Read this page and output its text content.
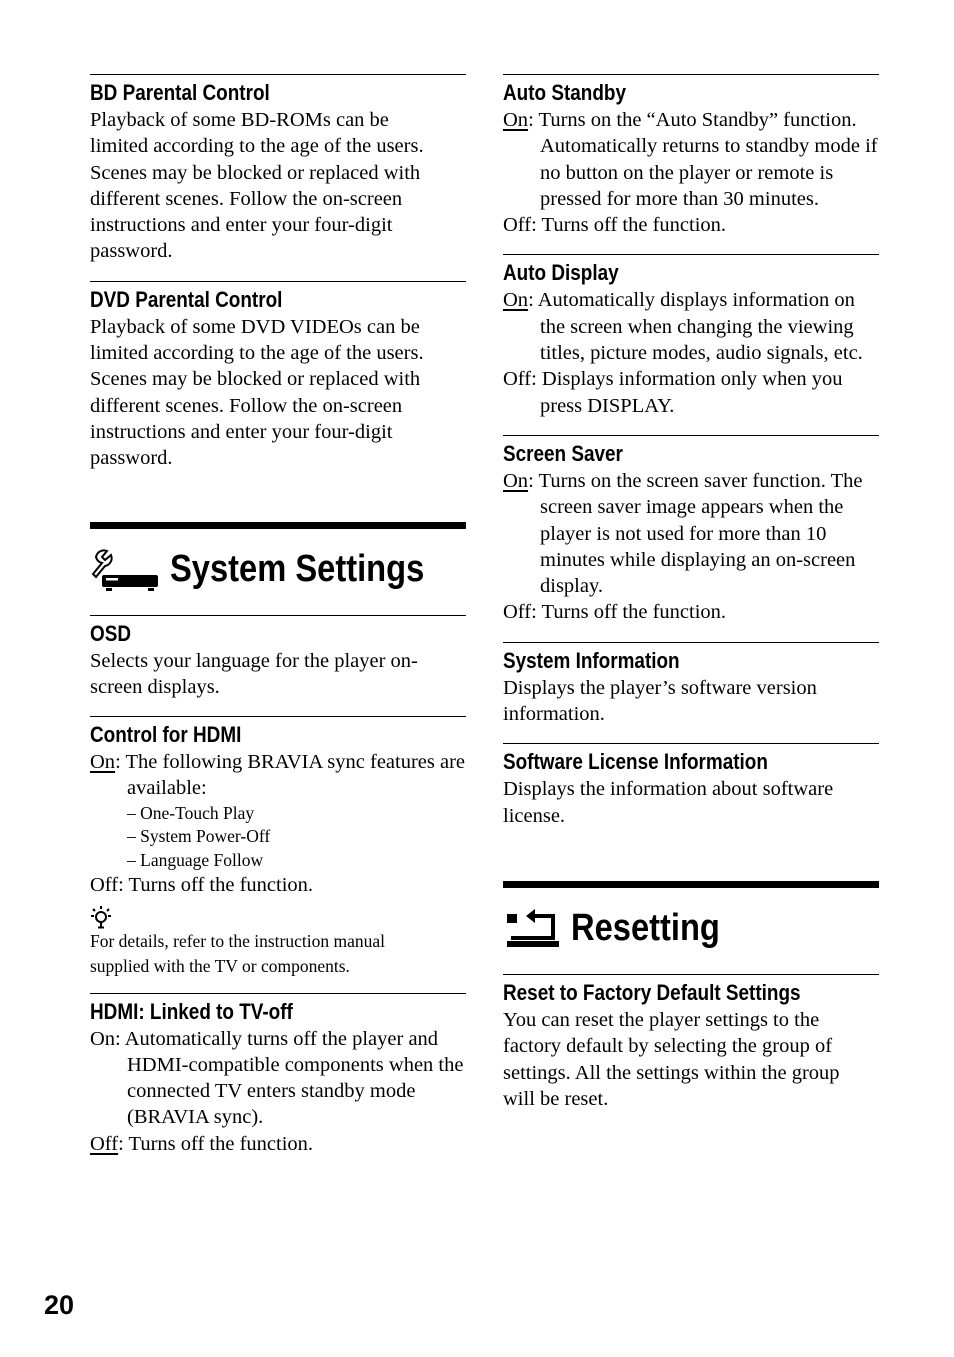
BD Parental Control
Playback of some BD-ROMs can be
limited according to the age of the users.
Scenes may be blocked or replaced with
different scenes. Follow the on-screen
instructions and enter your four-digit
password.
DVD Parental Control
Playback of some DVD VIDEOs can be
limited according to the age of the users.
Scenes may be blocked or replaced with
different scenes. Follow the on-screen
instructions and enter your four-digit
password.
System Settings
OSD
Selects your language for the player on-
screen displays.
Control for HDMI
On: The following BRAVIA sync features are available:
– One-Touch Play
– System Power-Off
– Language Follow
Off: Turns off the function.
For details, refer to the instruction manual
supplied with the TV or components.
HDMI: Linked to TV-off
On: Automatically turns off the player and HDMI-compatible components when the connected TV enters standby mode (BRAVIA sync).
Off: Turns off the function.
Auto Standby
On: Turns on the “Auto Standby” function. Automatically returns to standby mode if no button on the player or remote is pressed for more than 30 minutes.
Off: Turns off the function.
Auto Display
On: Automatically displays information on the screen when changing the viewing titles, picture modes, audio signals, etc.
Off: Displays information only when you press DISPLAY.
Screen Saver
On: Turns on the screen saver function. The screen saver image appears when the player is not used for more than 10 minutes while displaying an on-screen display.
Off: Turns off the function.
System Information
Displays the player’s software version
information.
Software License Information
Displays the information about software
license.
Resetting
Reset to Factory Default Settings
You can reset the player settings to the
factory default by selecting the group of
settings. All the settings within the group
will be reset.
20
